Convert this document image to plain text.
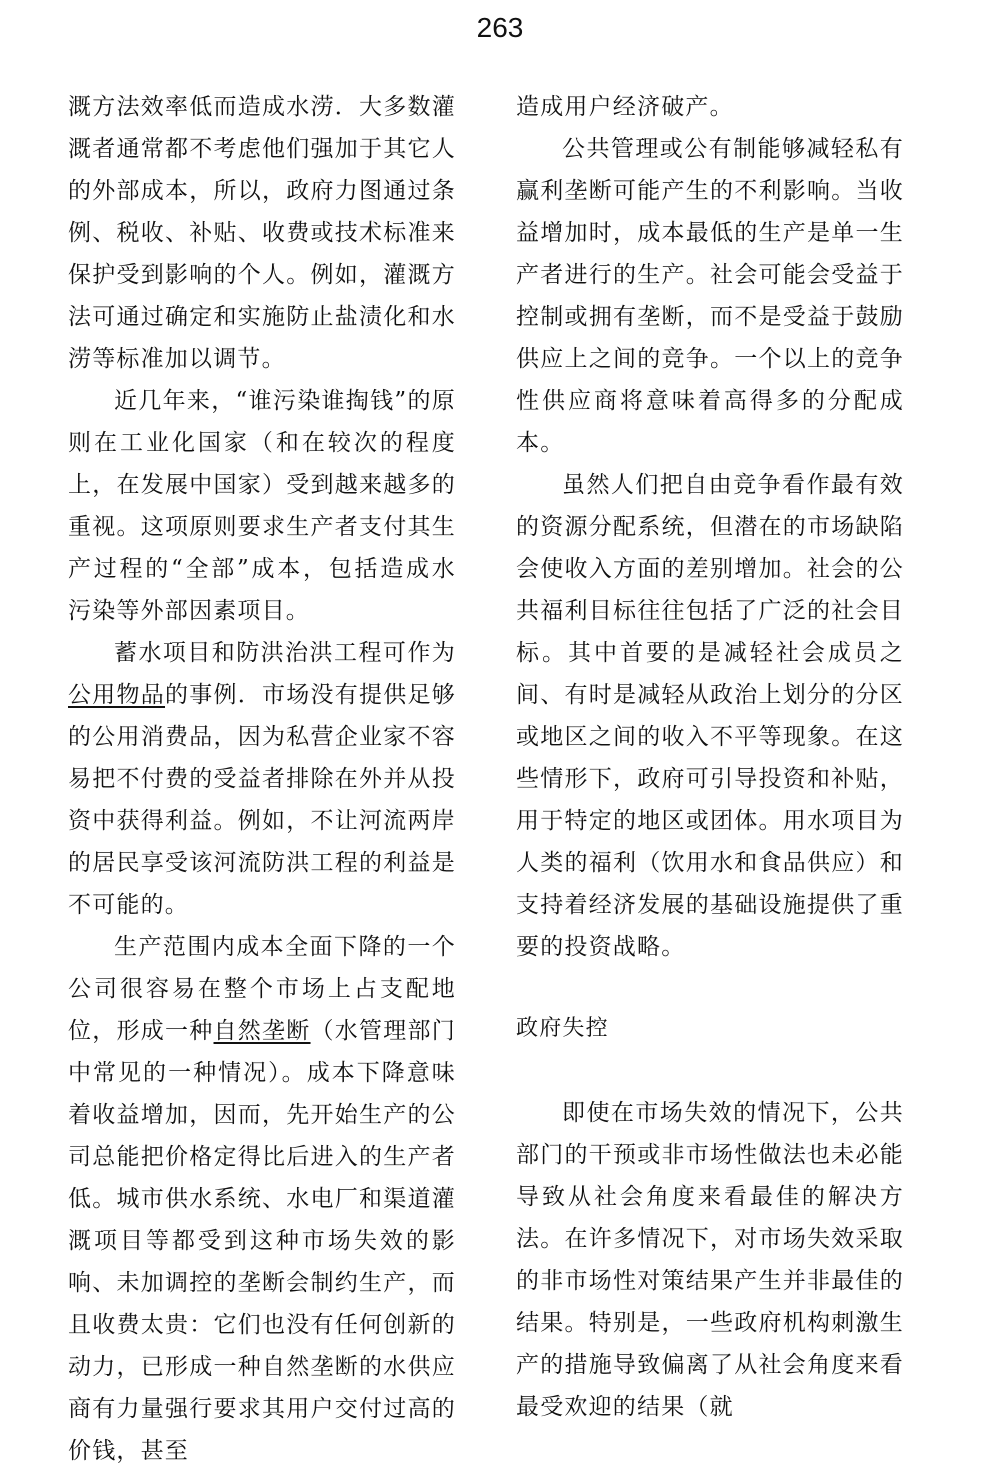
263

溉方法效率低而造成水涝．大多数灌溉者通常都不考虑他们强加于其它人的外部成本，所以，政府力图通过条例、税收、补贴、收费或技术标准来保护受到影响的个人。例如，灌溉方法可通过确定和实施防止盐渍化和水涝等标准加以调节。

近几年来，“谁污染谁掏钱”的原则在工业化国家（和在较次的程度上，在发展中国家）受到越来越多的重视。这项原则要求生产者支付其生产过程的“全部”成本，包括造成水污染等外部因素项目。

蓄水项目和防洪治洪工程可作为公用物品的事例．市场没有提供足够的公用消费品，因为私营企业家不容易把不付费的受益者排除在外并从投资中获得利益。例如，不让河流两岸的居民享受该河流防洪工程的利益是不可能的。

生产范围内成本全面下降的一个公司很容易在整个市场上占支配地位，形成一种自然垄断（水管理部门中常见的一种情况）。成本下降意味着收益增加，因而，先开始生产的公司总能把价格定得比后进入的生产者低。城市供水系统、水电厂和渠道灌溉项目等都受到这种市场失效的影响、未加调控的垄断会制约生产，而且收费太贵：它们也没有任何创新的动力，已形成一种自然垄断的水供应商有力量强行要求其用户交付过高的价钱，甚至

造成用户经济破产。

公共管理或公有制能够减轻私有赢利垄断可能产生的不利影响。当收益增加时，成本最低的生产是单一生产者进行的生产。社会可能会受益于控制或拥有垄断，而不是受益于鼓励供应上之间的竞争。一个以上的竞争性供应商将意味着高得多的分配成本。

虽然人们把自由竞争看作最有效的资源分配系统，但潜在的市场缺陷会使收入方面的差别增加。社会的公共福利目标往往包括了广泛的社会目标。其中首要的是减轻社会成员之间、有时是减轻从政治上划分的分区或地区之间的收入不平等现象。在这些情形下，政府可引导投资和补贴，用于特定的地区或团体。用水项目为人类的福利（饮用水和食品供应）和支持着经济发展的基础设施提供了重要的投资战略。

政府失控

即使在市场失效的情况下，公共部门的干预或非市场性做法也未必能导致从社会角度来看最佳的解决方法。在许多情况下，对市场失效采取的非市场性对策结果产生并非最佳的结果。特别是，一些政府机构刺激生产的措施导致偏离了从社会角度来看最受欢迎的结果（就
